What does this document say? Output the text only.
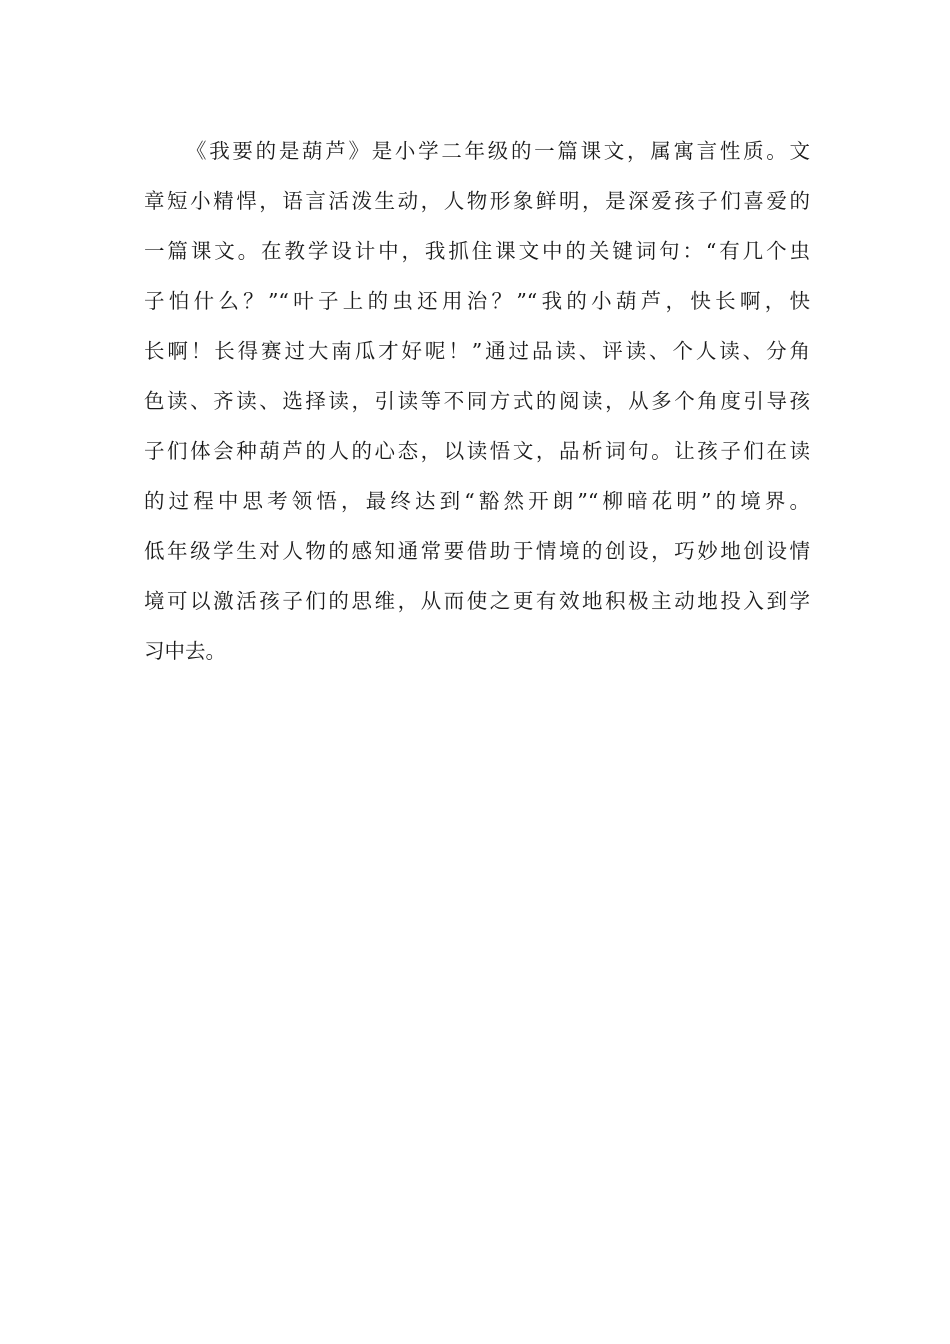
《我要的是葫芦》是小学二年级的一篇课文，属寓言性质。文
章短小精悍，语言活泼生动，人物形象鲜明，是深爱孩子们喜爱的
一篇课文。在教学设计中，我抓住课文中的关键词句：“有几个虫
子怕什么？”“叶子上的虫还用治？”“我的小葫芦，快长啊，快
长啊！长得赛过大南瓜才好呢！”通过品读、评读、个人读、分角
色读、齐读、选择读，引读等不同方式的阅读，从多个角度引导孩
子们体会种葫芦的人的心态，以读悟文，品析词句。让孩子们在读
的过程中思考领悟，最终达到“豁然开朗”“柳暗花明”的境界。
低年级学生对人物的感知通常要借助于情境的创设，巧妙地创设情
境可以激活孩子们的思维，从而使之更有效地积极主动地投入到学
习中去。
